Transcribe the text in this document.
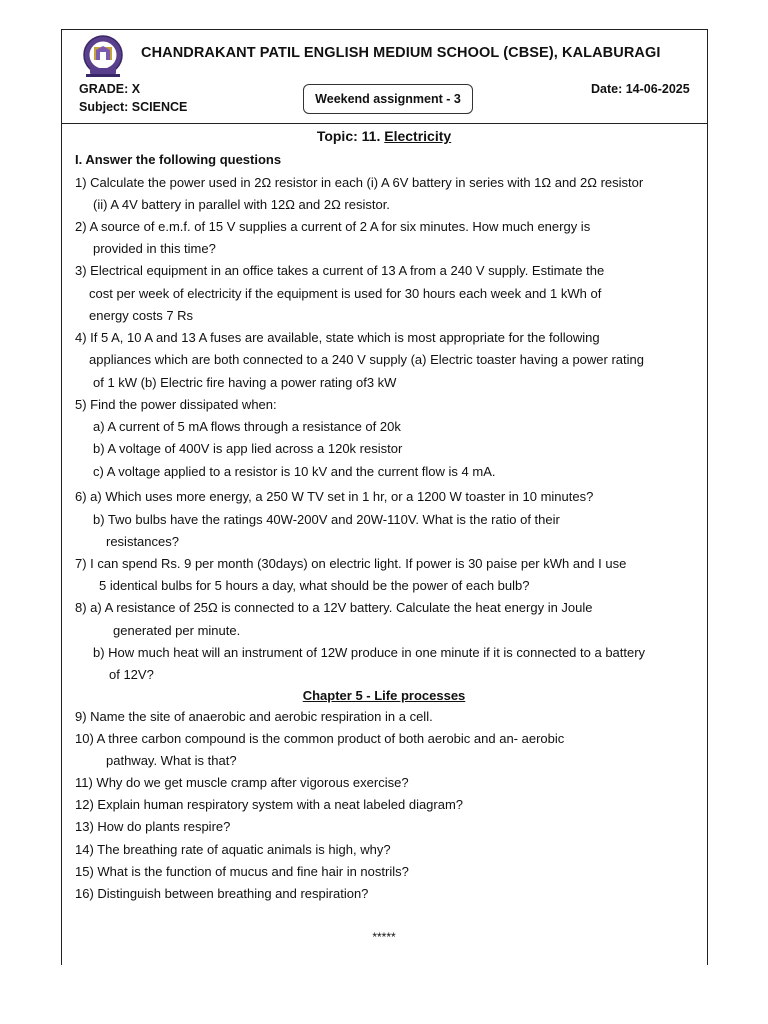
CHANDRAKANT PATIL ENGLISH MEDIUM SCHOOL (CBSE), KALABURAGI
GRADE: X
Subject: SCIENCE
Weekend assignment - 3
Date: 14-06-2025
Topic: 11. Electricity
I. Answer the following questions
1) Calculate the power used in 2Ω resistor in each (i) A 6V battery in series with 1Ω and 2Ω resistor
(ii) A 4V battery in parallel with 12Ω and 2Ω resistor.
2) A source of e.m.f. of 15 V supplies a current of 2 A for six minutes. How much energy is
provided in this time?
3) Electrical equipment in an office takes a current of 13 A from a 240 V supply. Estimate the
cost per week of electricity if the equipment is used for 30 hours each week and 1 kWh of
energy costs 7 Rs
4) If 5 A, 10 A and 13 A fuses are available, state which is most appropriate for the following
appliances which are both connected to a 240 V supply (a) Electric toaster having a power rating
of 1 kW (b) Electric fire having a power rating of3 kW
5) Find the power dissipated when:
a) A current of 5 mA flows through a resistance of 20k
b) A voltage of 400V is app lied across a 120k resistor
c) A voltage applied to a resistor is 10 kV and the current flow is 4 mA.
6) a) Which uses more energy, a 250 W TV set in 1 hr, or a 1200 W toaster in 10 minutes?
b) Two bulbs have the ratings 40W-200V and 20W-110V. What is the ratio of their
resistances?
7) I can spend Rs. 9 per month (30days) on electric light. If power is 30 paise per kWh and I use
5 identical bulbs for 5 hours a day, what should be the power of each bulb?
8) a) A resistance of 25Ω is connected to a 12V battery. Calculate the heat energy in Joule
generated per minute.
b) How much heat will an instrument of 12W produce in one minute if it is connected to a battery
of 12V?
Chapter 5 - Life processes
9) Name the site of anaerobic and aerobic respiration in a cell.
10) A three carbon compound is the common product of both aerobic and an- aerobic
pathway. What is that?
11) Why do we get muscle cramp after vigorous exercise?
12) Explain human respiratory system with a neat labeled diagram?
13) How do plants respire?
14) The breathing rate of aquatic animals is high, why?
15) What is the function of mucus and fine hair in nostrils?
16) Distinguish between breathing and respiration?
*****
